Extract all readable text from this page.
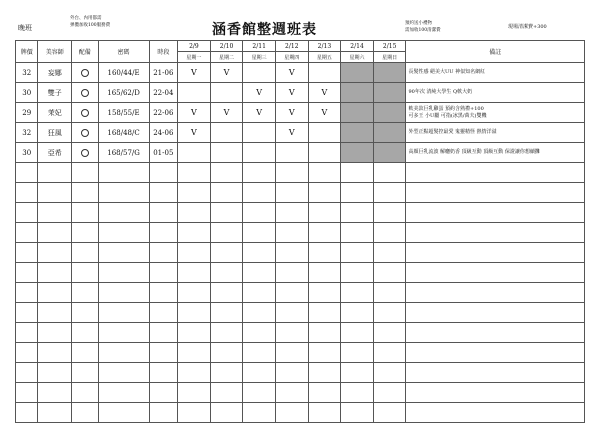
晚班
外台、內用都需
弹攬加收100服務費	涵香館整週班表	預約送小禮物
需加收100清潔費
現場清潔費+300
牌價	美容師	配備	密碼	時段	2/9	2/10	2/11	2/12	2/13	2/14	2/15	備註
					星期一	星期二	星期三	星期四	星期五	星期六	星期日	
32	妄娜		160/44/E	21-06	V	V		V				長髮性感 絕美大UU 神似知名網紅

30	雙子		165/62/D	22-04			V	V	V			90年次 清純大學生 Q軟大奶

29	茉妃		158/55/E	22-06	V	V	V	V	V			軟美款巨乳雞蛋 預約含熟禮+100
可多王 小U屬 可指(冰黑/萬夫)雙機

32	狂風		168/48/C	24-06	V			V				外型正點超髮控最愛 鬼靈精怪 熱情洋溢

30	亞希		168/57/G	01-05								高顏巨乳流波 解癮奶香 頂級互動 頂級互動 保證讓你想續攤
